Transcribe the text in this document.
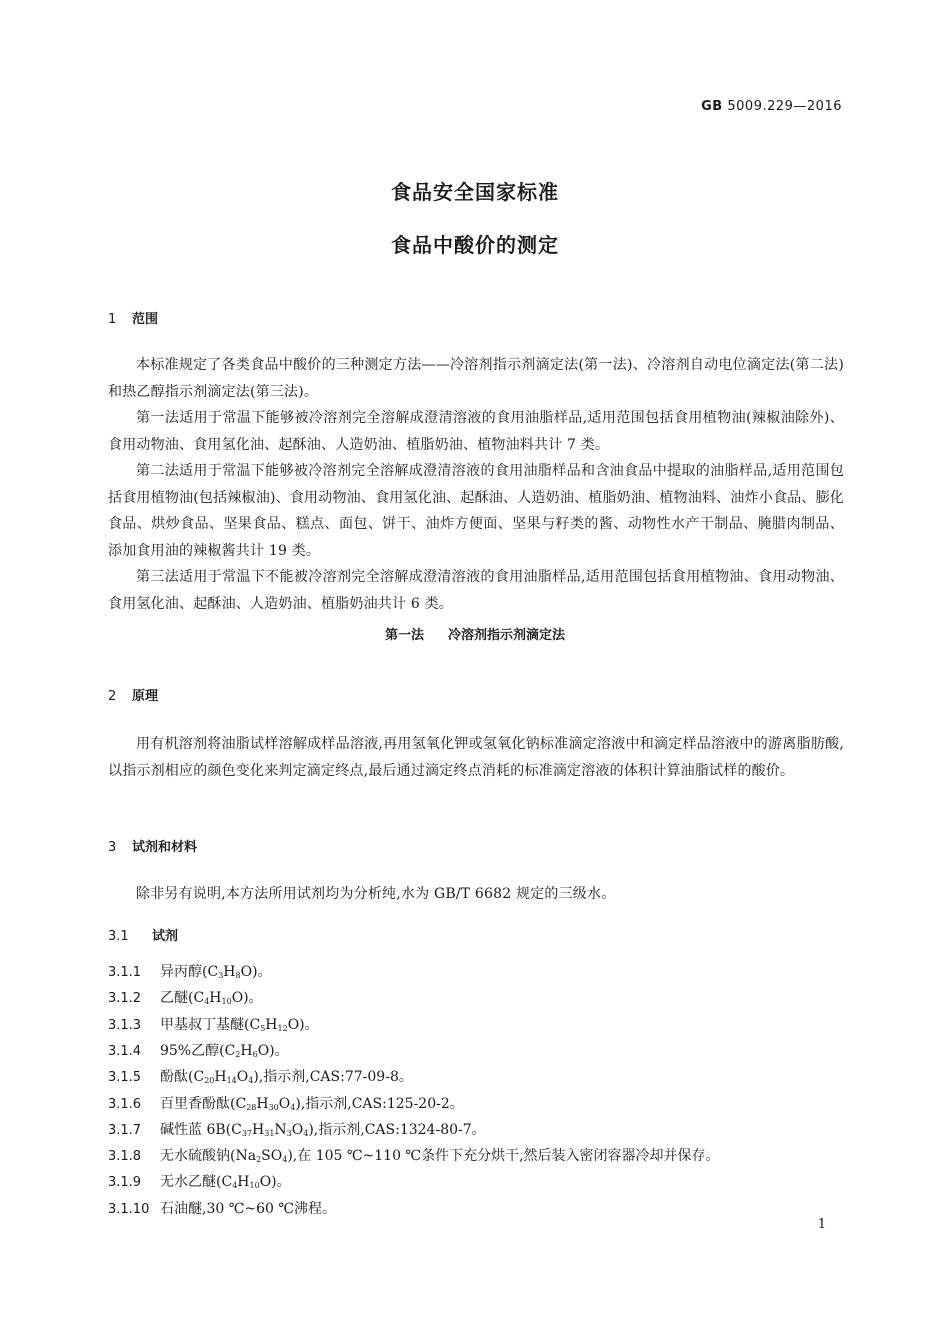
GB 5009.229—2016
食品安全国家标准
食品中酸价的测定
1 范围
本标准规定了各类食品中酸价的三种测定方法——冷溶剂指示剂滴定法(第一法)、冷溶剂自动电位滴定法(第二法)和热乙醇指示剂滴定法(第三法)。
第一法适用于常温下能够被冷溶剂完全溶解成澄清溶液的食用油脂样品,适用范围包括食用植物油(辣椒油除外)、食用动物油、食用氢化油、起酥油、人造奶油、植脂奶油、植物油料共计 7 类。
第二法适用于常温下能够被冷溶剂完全溶解成澄清溶液的食用油脂样品和含油食品中提取的油脂样品,适用范围包括食用植物油(包括辣椒油)、食用动物油、食用氢化油、起酥油、人造奶油、植脂奶油、植物油料、油炸小食品、膨化食品、烘炒食品、坚果食品、糕点、面包、饼干、油炸方便面、坚果与籽类的酱、动物性水产干制品、腌腊肉制品、添加食用油的辣椒酱共计 19 类。
第三法适用于常温下不能被冷溶剂完全溶解成澄清溶液的食用油脂样品,适用范围包括食用植物油、食用动物油、食用氢化油、起酥油、人造奶油、植脂奶油共计 6 类。
第一法 冷溶剂指示剂滴定法
2 原理
用有机溶剂将油脂试样溶解成样品溶液,再用氢氧化钾或氢氧化钠标准滴定溶液中和滴定样品溶液中的游离脂肪酸,以指示剂相应的颜色变化来判定滴定终点,最后通过滴定终点消耗的标准滴定溶液的体积计算油脂试样的酸价。
3 试剂和材料
除非另有说明,本方法所用试剂均为分析纯,水为 GB/T 6682 规定的三级水。
3.1 试剂
3.1.1 异丙醇$(C_3H_8O)$。
3.1.2 乙醚$(C_4H_{10}O)$。
3.1.3 甲基叔丁基醚$(C_5H_{12}O)$。
3.1.4 95%乙醇$(C_2H_6O)$。
3.1.5 酚酞$(C_{20}H_{14}O_4)$,指示剂,CAS:77-09-8。
3.1.6 百里香酚酞$(C_{28}H_{30}O_4)$,指示剂,CAS:125-20-2。
3.1.7 碱性蓝 $6B(C_{37}H_{31}N_3O_4)$,指示剂,CAS:1324-80-7。
3.1.8 无水硫酸钠$(Na_2SO_4)$,在 105 ℃~110 ℃条件下充分烘干,然后装入密闭容器冷却并保存。
3.1.9 无水乙醚$(C_4H_{10}O)$。
3.1.10 石油醚,30 ℃~60 ℃沸程。
1
